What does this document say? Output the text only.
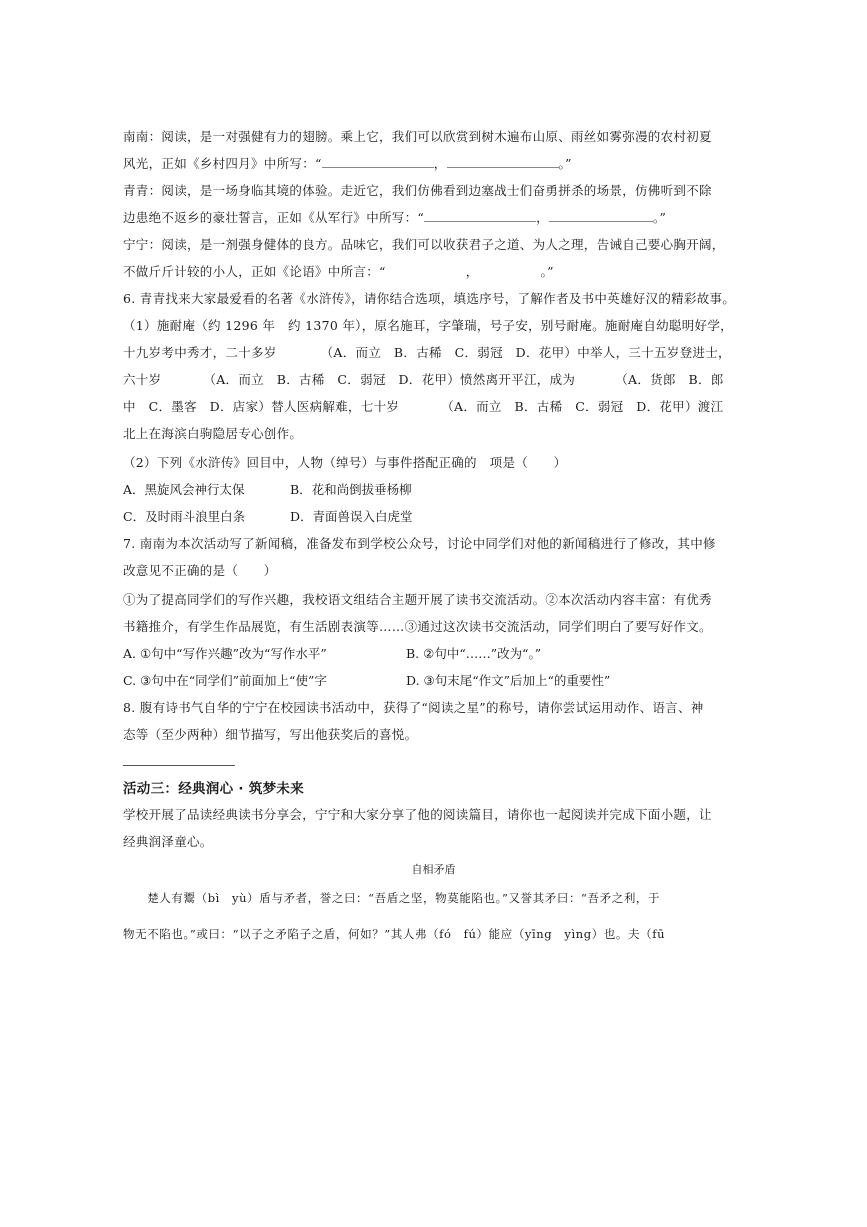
南南：阅读，是一对强健有力的翅膀。乘上它，我们可以欣赏到树木遍布山原、雨丝如雾弥漫的农村初夏
风光，正如《乡村四月》中所写：“	，	。”
青青：阅读，是一场身临其境的体验。走近它，我们仿佛看到边塞战士们奋勇拼杀的场景，仿佛听到不除
边患绝不返乡的豪壮誓言，正如《从军行》中所写：“	，	。”
宁宁：阅读，是一剂强身健体的良方。品味它，我们可以收获君子之道、为人之理，告诫自己要心胸开阔，
不做斤斤计较的小人，正如《论语》中所言：“	，	。”
6. 青青找来大家最爱看的名著《水浒传》，请你结合选项，填选序号，了解作者及书中英雄好汉的精彩故事。
（1）施耐庵（约 1296 年　约 1370 年），原名施耳，字肇瑞，号子安，别号耐庵。施耐庵自幼聪明好学，
十九岁考中秀才，二十多岁	（A．而立　B．古稀　C．弱冠　D．花甲）中举人，三十五岁登进士，
六十岁	（A．而立　B．古稀　C．弱冠　D．花甲）愤然离开平江，成为	（A．货郎　B．郎
中　C．墨客　D．店家）替人医病解难，七十岁	（A．而立　B．古稀　C．弱冠　D．花甲）渡江
北上在海滨白驹隐居专心创作。
（2）下列《水浒传》回目中，人物（绰号）与事件搭配正确的　项是（　　）
A．黑旋风会神行太保	B．花和尚倒拔垂杨柳
C．及时雨斗浪里白条	D．青面兽误入白虎堂
7. 南南为本次活动写了新闻稿，准备发布到学校公众号，讨论中同学们对他的新闻稿进行了修改，其中修
改意见不正确的是（　　）
①为了提高同学们的写作兴趣，我校语文组结合主题开展了读书交流活动。②本次活动内容丰富：有优秀
书籍推介，有学生作品展览，有生活剧表演等……③通过这次读书交流活动，同学们明白了要写好作文。
A. ①句中“写作兴趣”改为“写作水平”	B. ②句中“……”改为“。”
C. ③句中在“同学们”前面加上“使”字	D. ③句末尾“作文”后加上“的重要性”
8. 腹有诗书气自华的宁宁在校园读书活动中，获得了“阅读之星”的称号，请你尝试运用动作、语言、神
态等（至少两种）细节描写，写出他获奖后的喜悦。
活动三：经典润心 · 筑梦未来
学校开展了品读经典读书分享会，宁宁和大家分享了他的阅读篇目，请你也一起阅读并完成下面小题，让
经典润泽童心。
自相矛盾
　　楚人有鬻（bì　yù）盾与矛者，誉之曰：“吾盾之坚，物莫能陷也。”又誉其矛曰：“吾矛之利，于
物无不陷也。”或曰：“以子之矛陷子之盾，何如？”其人弗（fó　fú）能应（yīng　yìng）也。夫（fū
